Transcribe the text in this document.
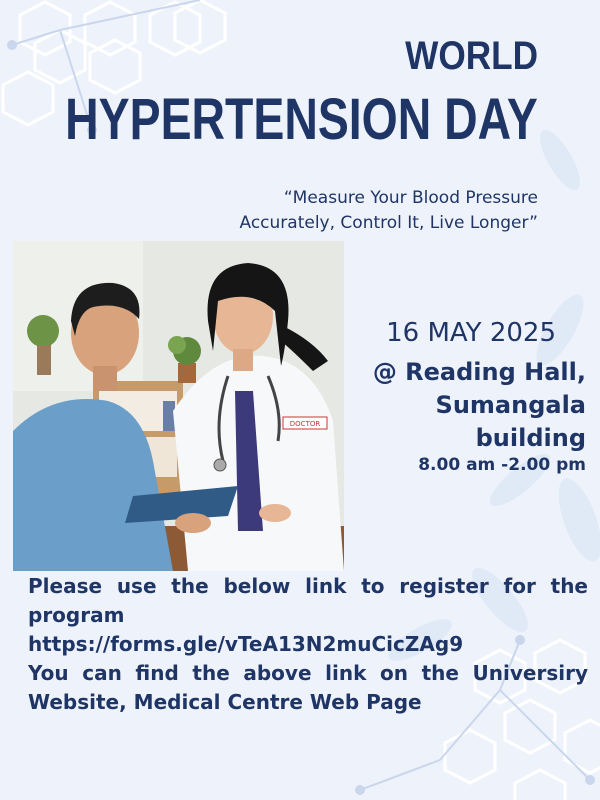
WORLD
HYPERTENSION DAY
“Measure Your Blood Pressure Accurately, Control It, Live Longer”
DOCTOR
16 MAY 2025
@ Reading Hall,
Sumangala
building
8.00 am -2.00 pm
Please use the below link to register for the
program
https://forms.gle/vTeA13N2muCicZAg9
You can find the above link on the Universiry
Website, Medical Centre Web Page
